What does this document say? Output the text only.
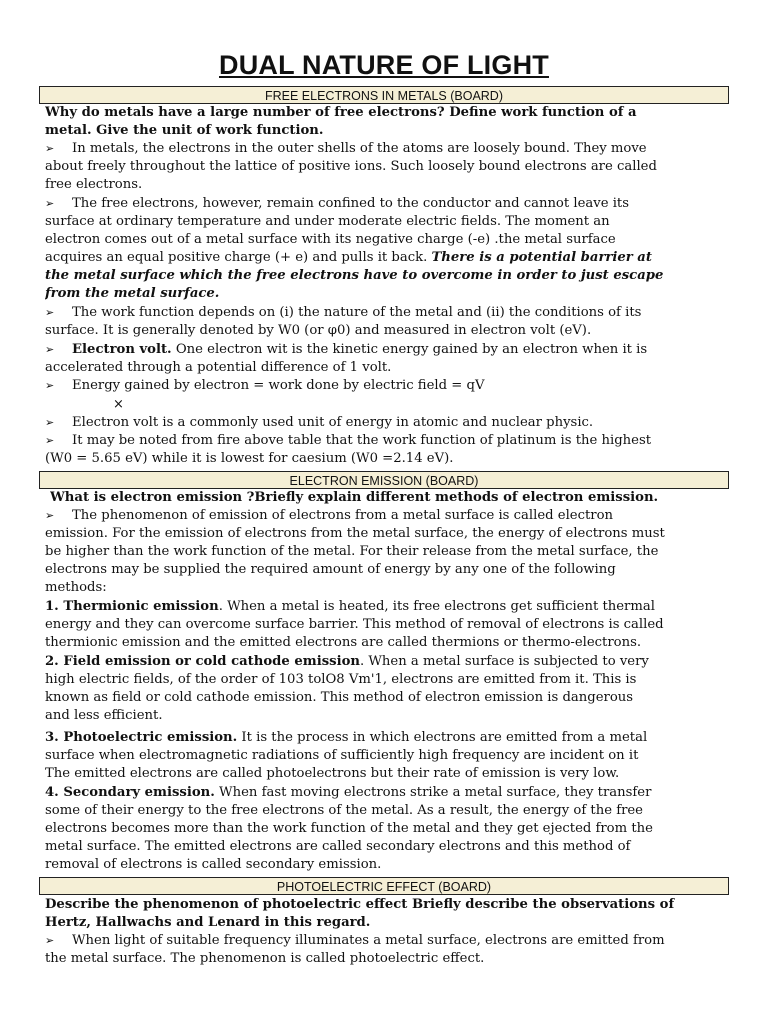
DUAL NATURE OF LIGHT
FREE ELECTRONS IN METALS (BOARD)
Why do metals have a large number of free electrons? Define work function of a
metal. Give the unit of work function.
➢ In metals, the electrons in the outer shells of the atoms are loosely bound. They move
about freely throughout the lattice of positive ions. Such loosely bound electrons are called
free electrons.
➢ The free electrons, however, remain confined to the conductor and cannot leave its
surface at ordinary temperature and under moderate electric fields. The moment an
electron comes out of a metal surface with its negative charge (-e) .the metal surface
acquires an equal positive charge (+ e) and pulls it back. There is a potential barrier at
the metal surface which the free electrons have to overcome in order to just escape
from the metal surface.
➢ The work function depends on (i) the nature of the metal and (ii) the conditions of its
surface. It is generally denoted by W0 (or φ0) and measured in electron volt (eV).
➢ Electron volt. One electron wit is the kinetic energy gained by an electron when it is
accelerated through a potential difference of 1 volt.
➢ Energy gained by electron = work done by electric field = qV
×
➢ Electron volt is a commonly used unit of energy in atomic and nuclear physic.
➢ It may be noted from fire above table that the work function of platinum is the highest
(W0 = 5.65 eV) while it is lowest for caesium (W0 =2.14 eV).
ELECTRON EMISSION (BOARD)
What is electron emission ?Briefly explain different methods of electron emission.
➢ The phenomenon of emission of electrons from a metal surface is called electron
emission. For the emission of electrons from the metal surface, the energy of electrons must
be higher than the work function of the metal. For their release from the metal surface, the
electrons may be supplied the required amount of energy by any one of the following
methods:
1. Thermionic emission. When a metal is heated, its free electrons get sufficient thermal
energy and they can overcome surface barrier. This method of removal of electrons is called
thermionic emission and the emitted electrons are called thermions or thermo-electrons.
2. Field emission or cold cathode emission. When a metal surface is subjected to very
high electric fields, of the order of 103 tolO8 Vm'1, electrons are emitted from it. This is
known as field or cold cathode emission. This method of electron emission is dangerous
and less efficient.
3. Photoelectric emission. It is the process in which electrons are emitted from a metal
surface when electromagnetic radiations of sufficiently high frequency are incident on it
The emitted electrons are called photoelectrons but their rate of emission is very low.
4. Secondary emission. When fast moving electrons strike a metal surface, they transfer
some of their energy to the free electrons of the metal. As a result, the energy of the free
electrons becomes more than the work function of the metal and they get ejected from the
metal surface. The emitted electrons are called secondary electrons and this method of
removal of electrons is called secondary emission.
PHOTOELECTRIC EFFECT (BOARD)
Describe the phenomenon of photoelectric effect Briefly describe the observations of
Hertz, Hallwachs and Lenard in this regard.
➢ When light of suitable frequency illuminates a metal surface, electrons are emitted from
the metal surface. The phenomenon is called photoelectric effect.
